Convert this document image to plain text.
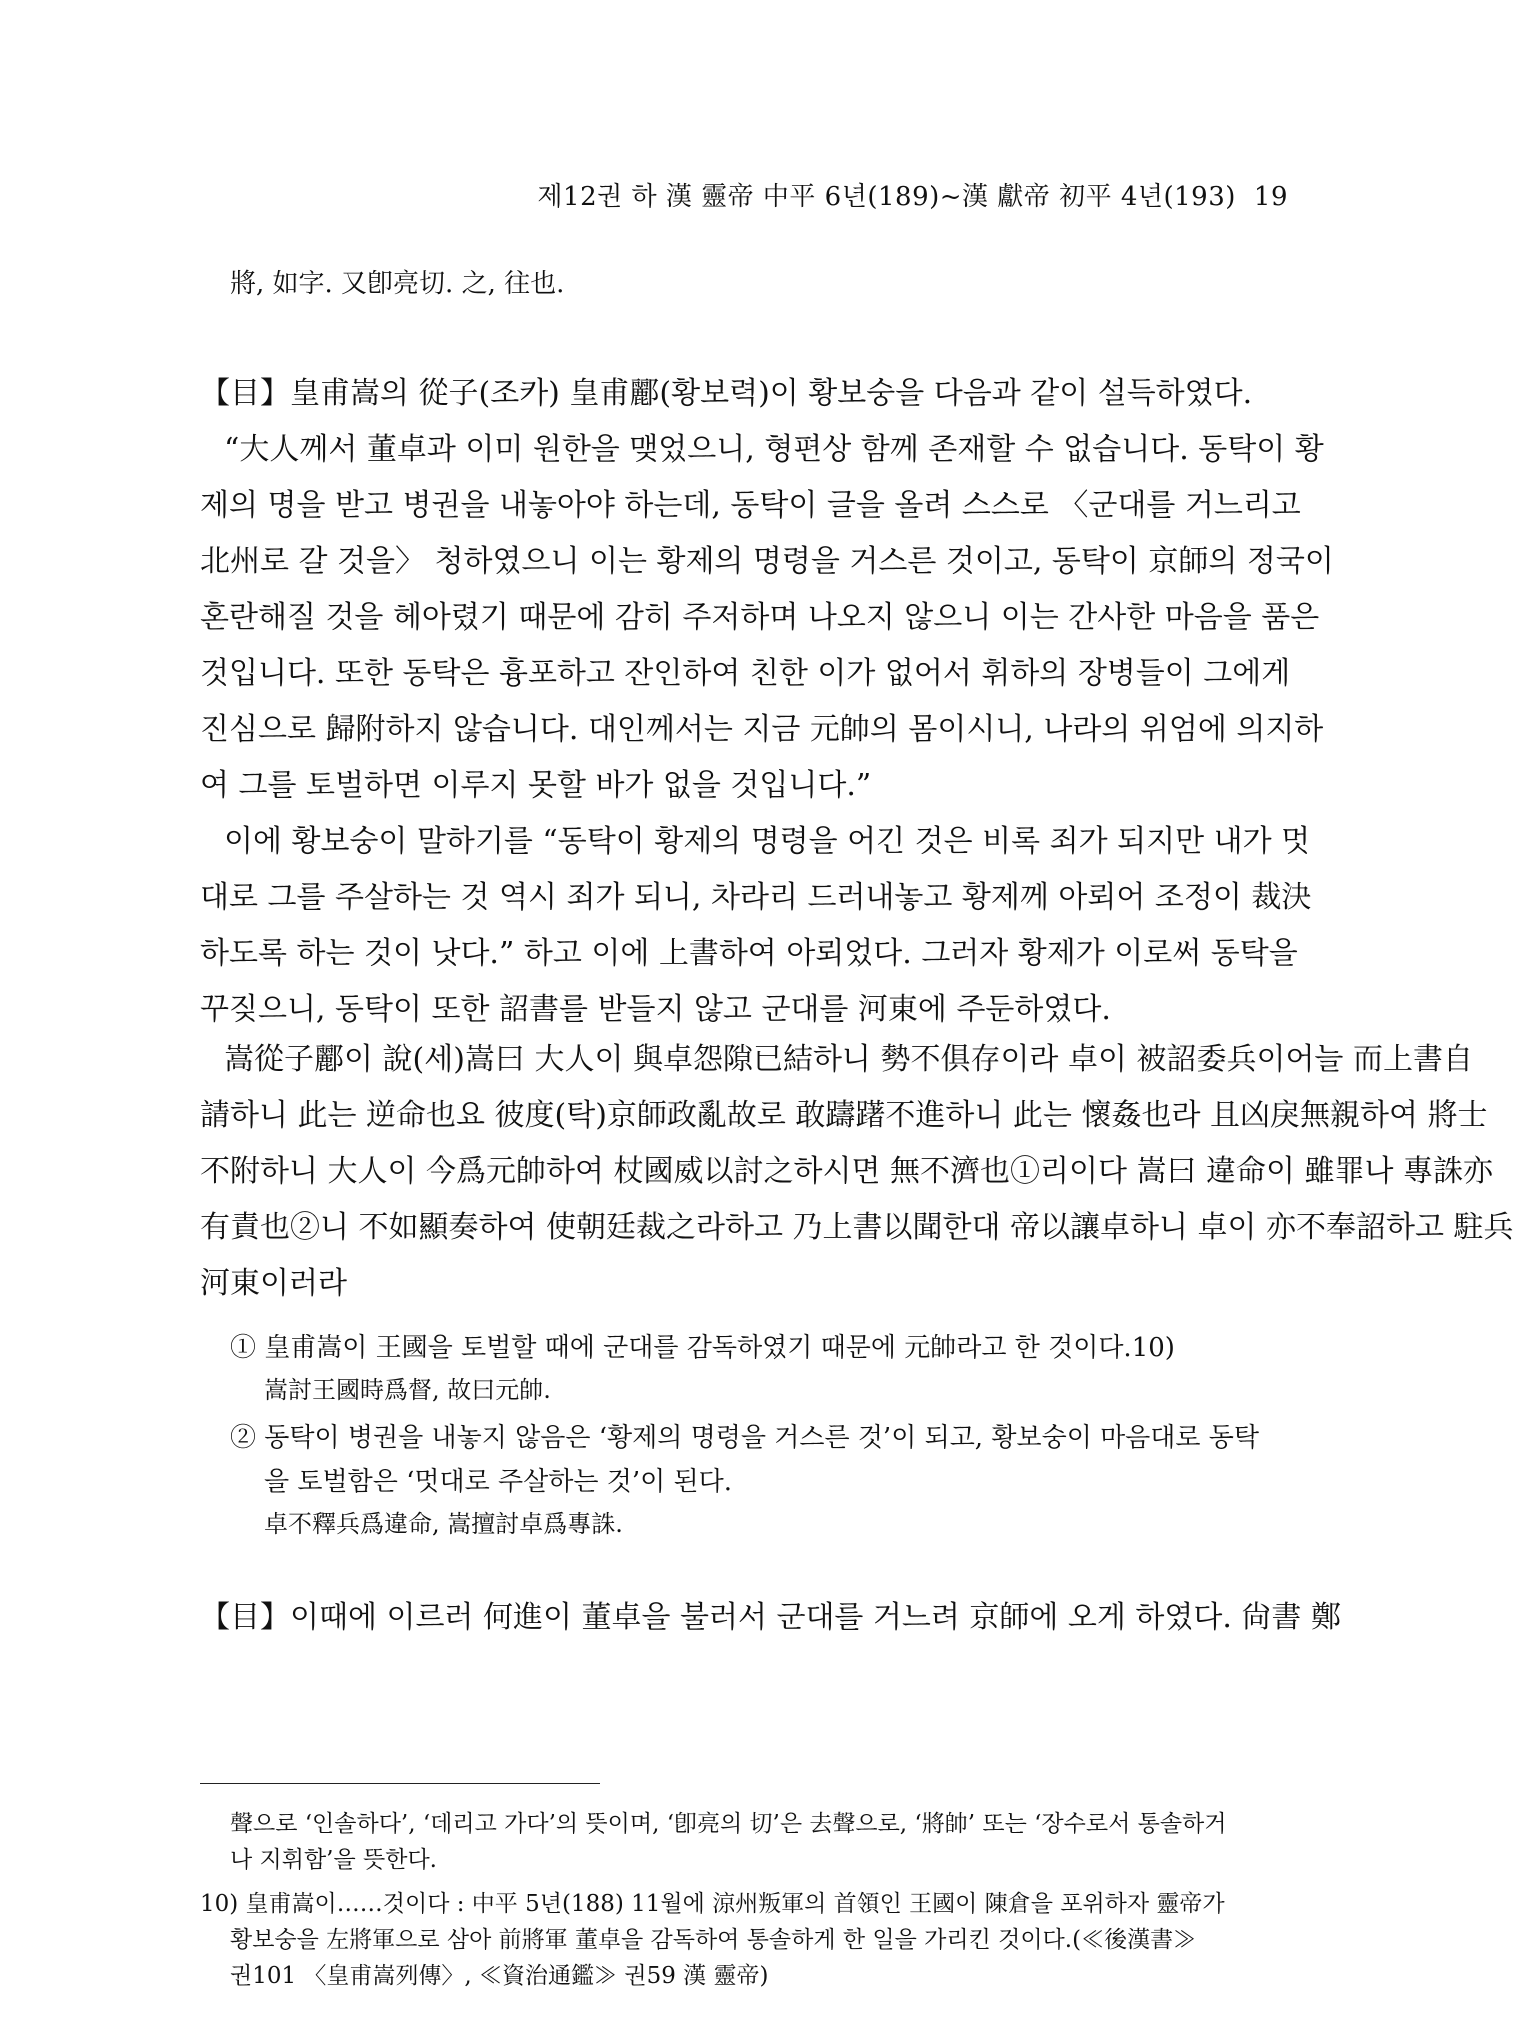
제12권 하 漢 靈帝 中平 6년(189)~漢 獻帝 初平 4년(193) 19
將, 如字. 又卽亮切. 之, 往也.
【目】皇甫嵩의 從子(조카) 皇甫酈(황보력)이 황보숭을 다음과 같이 설득하였다.
“大人께서 董卓과 이미 원한을 맺었으니, 형편상 함께 존재할 수 없습니다. 동탁이 황
제의 명을 받고 병권을 내놓아야 하는데, 동탁이 글을 올려 스스로 〈군대를 거느리고
北州로 갈 것을〉 청하였으니 이는 황제의 명령을 거스른 것이고, 동탁이 京師의 정국이
혼란해질 것을 헤아렸기 때문에 감히 주저하며 나오지 않으니 이는 간사한 마음을 품은
것입니다. 또한 동탁은 흉포하고 잔인하여 친한 이가 없어서 휘하의 장병들이 그에게
진심으로 歸附하지 않습니다. 대인께서는 지금 元帥의 몸이시니, 나라의 위엄에 의지하
여 그를 토벌하면 이루지 못할 바가 없을 것입니다.”
이에 황보숭이 말하기를 “동탁이 황제의 명령을 어긴 것은 비록 죄가 되지만 내가 멋
대로 그를 주살하는 것 역시 죄가 되니, 차라리 드러내놓고 황제께 아뢰어 조정이 裁決
하도록 하는 것이 낫다.” 하고 이에 上書하여 아뢰었다. 그러자 황제가 이로써 동탁을
꾸짖으니, 동탁이 또한 詔書를 받들지 않고 군대를 河東에 주둔하였다.
嵩從子酈이 說(세)嵩曰 大人이 與卓怨隙已結하니 勢不俱存이라 卓이 被詔委兵이어늘 而上書自
請하니 此는 逆命也요 彼度(탁)京師政亂故로 敢躊躇不進하니 此는 懷姦也라 且凶戾無親하여 將士
不附하니 大人이 今爲元帥하여 杖國威以討之하시면 無不濟也①리이다 嵩曰 違命이 雖罪나 專誅亦
有責也②니 不如顯奏하여 使朝廷裁之라하고 乃上書以聞한대 帝以讓卓하니 卓이 亦不奉詔하고 駐兵
河東이러라
① 皇甫嵩이 王國을 토벌할 때에 군대를 감독하였기 때문에 元帥라고 한 것이다.10)
嵩討王國時爲督, 故曰元帥.
② 동탁이 병권을 내놓지 않음은 ‘황제의 명령을 거스른 것’이 되고, 황보숭이 마음대로 동탁
을 토벌함은 ‘멋대로 주살하는 것’이 된다.
卓不釋兵爲違命, 嵩擅討卓爲專誅.
【目】이때에 이르러 何進이 董卓을 불러서 군대를 거느려 京師에 오게 하였다. 尙書 鄭
聲으로 ‘인솔하다’, ‘데리고 가다’의 뜻이며, ‘卽亮의 切’은 去聲으로, ‘將帥’ 또는 ‘장수로서 통솔하거
나 지휘함’을 뜻한다.
10) 皇甫嵩이……것이다 : 中平 5년(188) 11월에 涼州叛軍의 首領인 王國이 陳倉을 포위하자 靈帝가
황보숭을 左將軍으로 삼아 前將軍 董卓을 감독하여 통솔하게 한 일을 가리킨 것이다.(≪後漢書≫
권101 〈皇甫嵩列傳〉, ≪資治通鑑≫ 권59 漢 靈帝)
